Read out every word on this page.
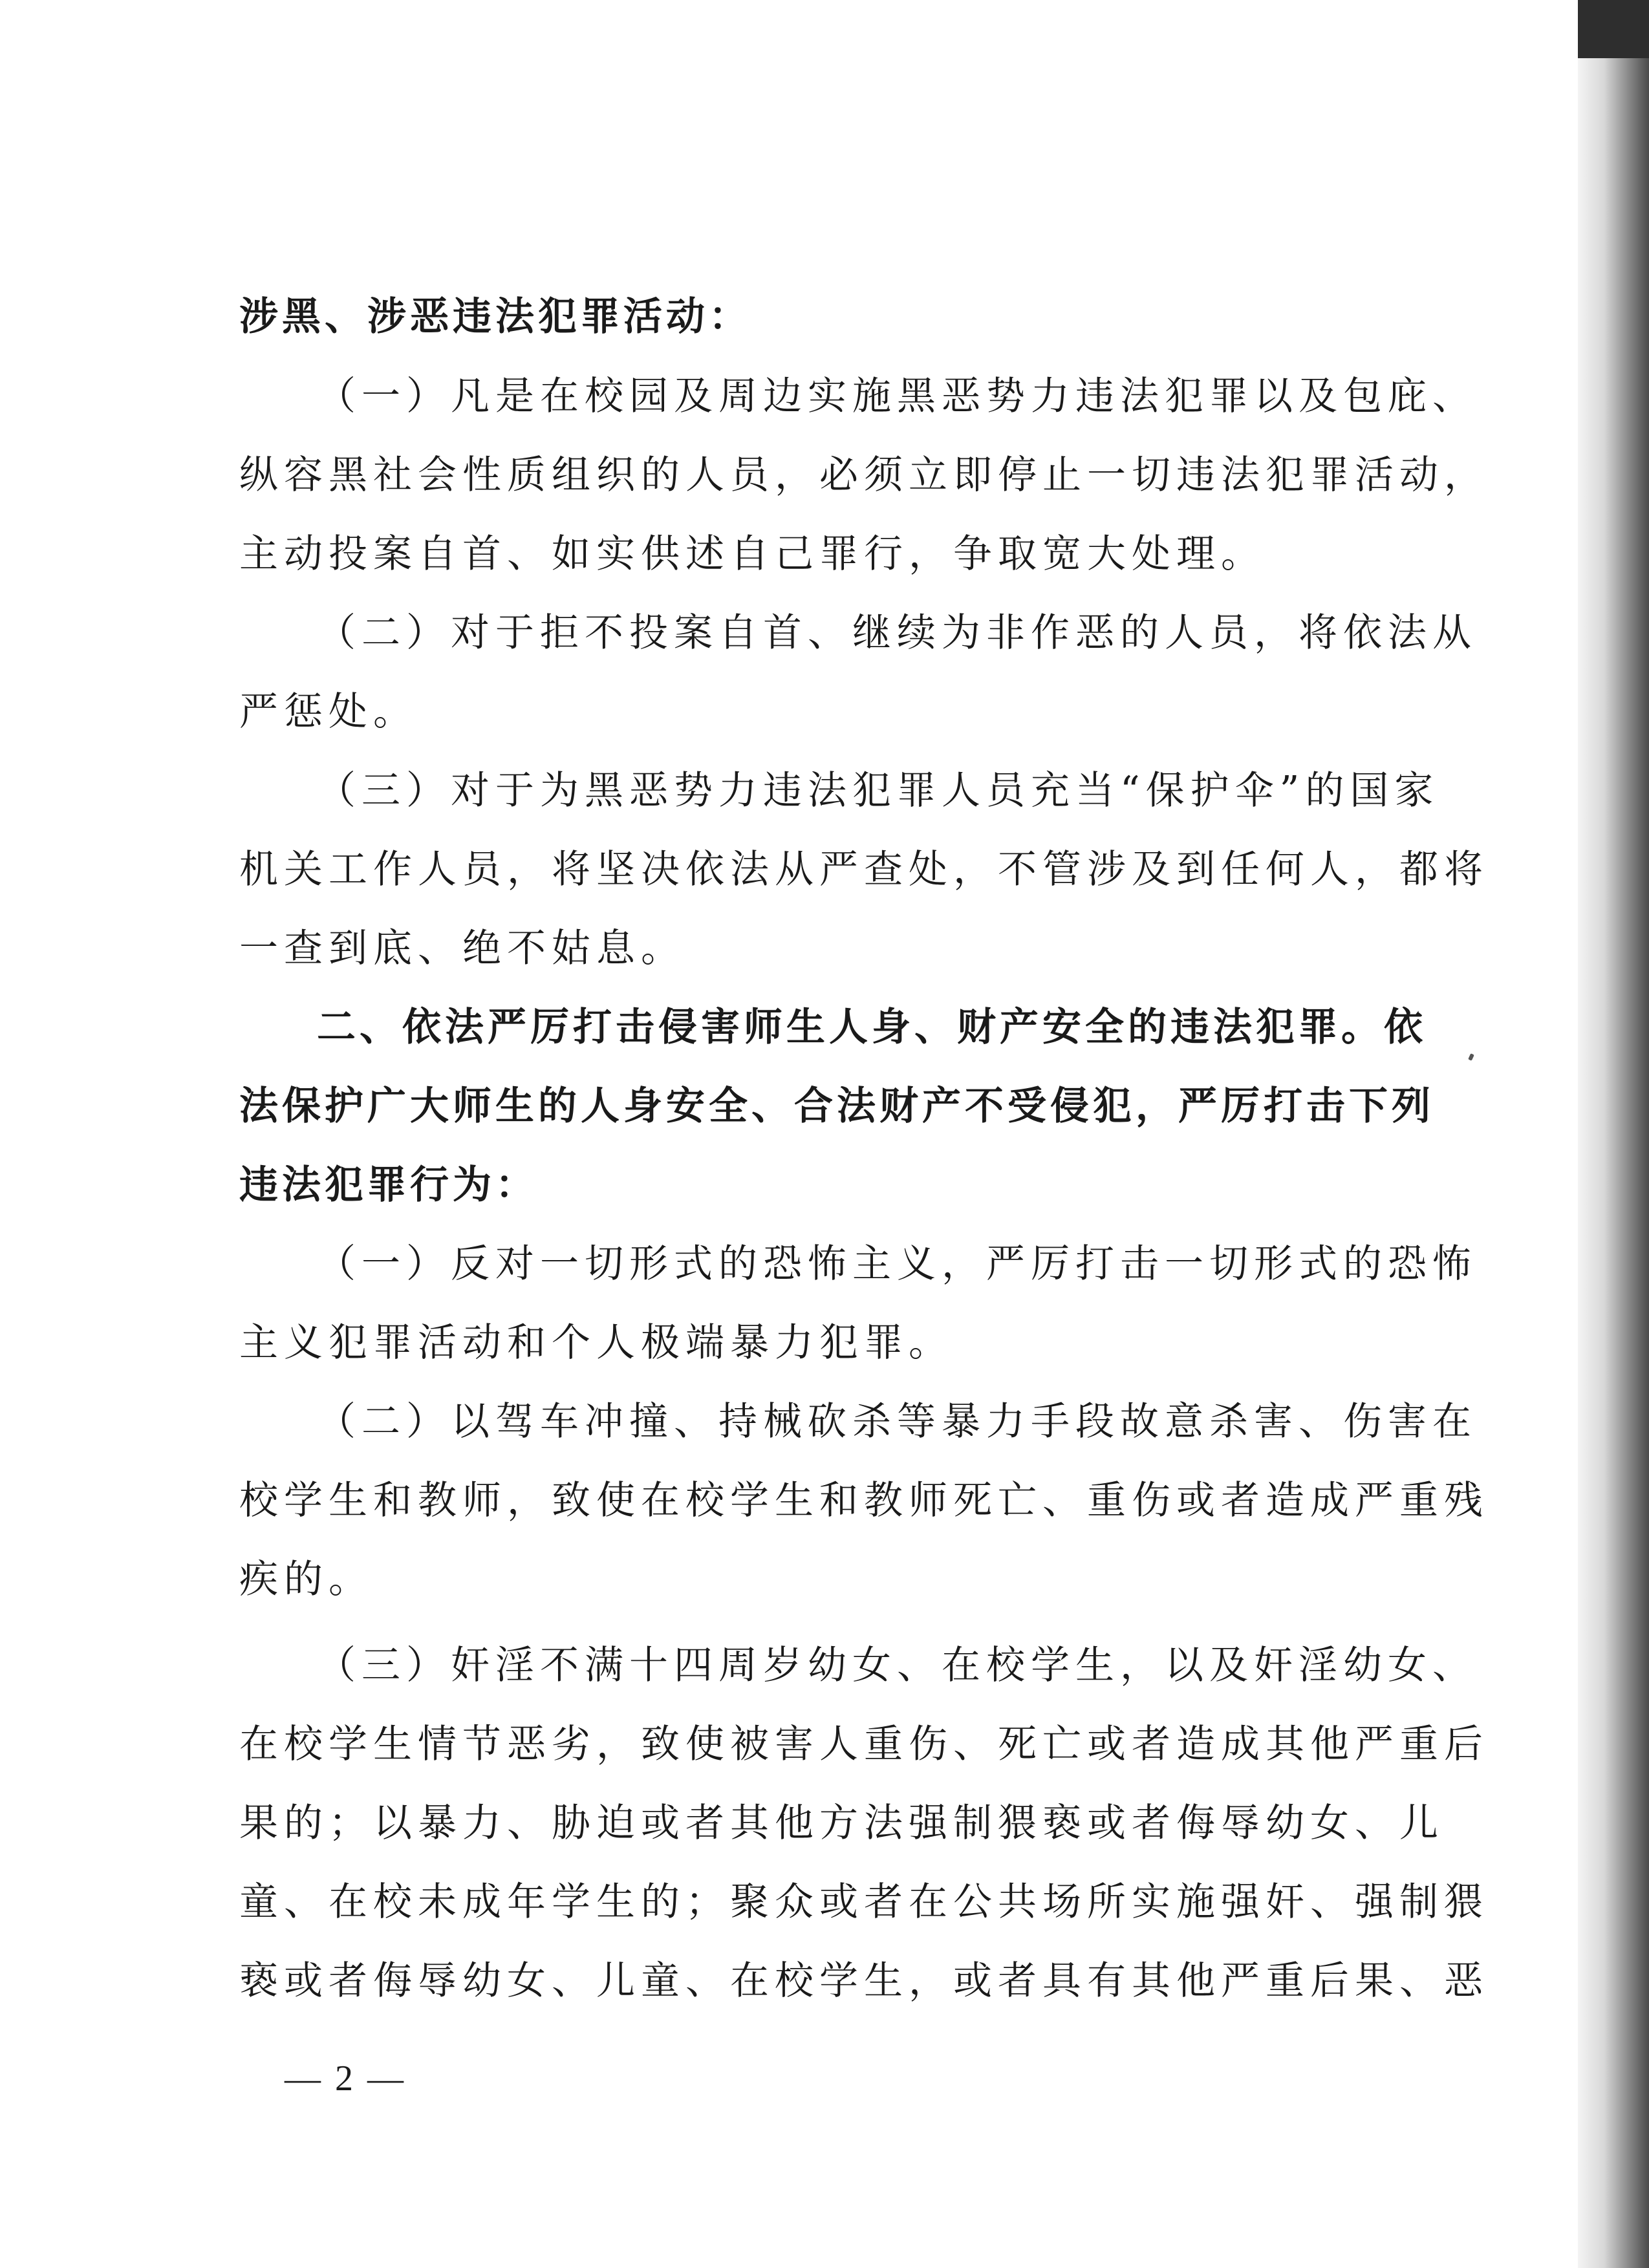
涉黑、涉恶违法犯罪活动：
（一）凡是在校园及周边实施黑恶势力违法犯罪以及包庇、
纵容黑社会性质组织的人员，必须立即停止一切违法犯罪活动，
主动投案自首、如实供述自己罪行，争取宽大处理。
（二）对于拒不投案自首、继续为非作恶的人员，将依法从
严惩处。
（三）对于为黑恶势力违法犯罪人员充当“保护伞”的国家
机关工作人员，将坚决依法从严查处，不管涉及到任何人，都将
一查到底、绝不姑息。
二、依法严厉打击侵害师生人身、财产安全的违法犯罪。依
法保护广大师生的人身安全、合法财产不受侵犯，严厉打击下列
违法犯罪行为：
（一）反对一切形式的恐怖主义，严厉打击一切形式的恐怖
主义犯罪活动和个人极端暴力犯罪。
（二）以驾车冲撞、持械砍杀等暴力手段故意杀害、伤害在
校学生和教师，致使在校学生和教师死亡、重伤或者造成严重残
疾的。
（三）奸淫不满十四周岁幼女、在校学生，以及奸淫幼女、
在校学生情节恶劣，致使被害人重伤、死亡或者造成其他严重后
果的；以暴力、胁迫或者其他方法强制猥亵或者侮辱幼女、儿
童、在校未成年学生的；聚众或者在公共场所实施强奸、强制猥
亵或者侮辱幼女、儿童、在校学生，或者具有其他严重后果、恶
— 2 —
